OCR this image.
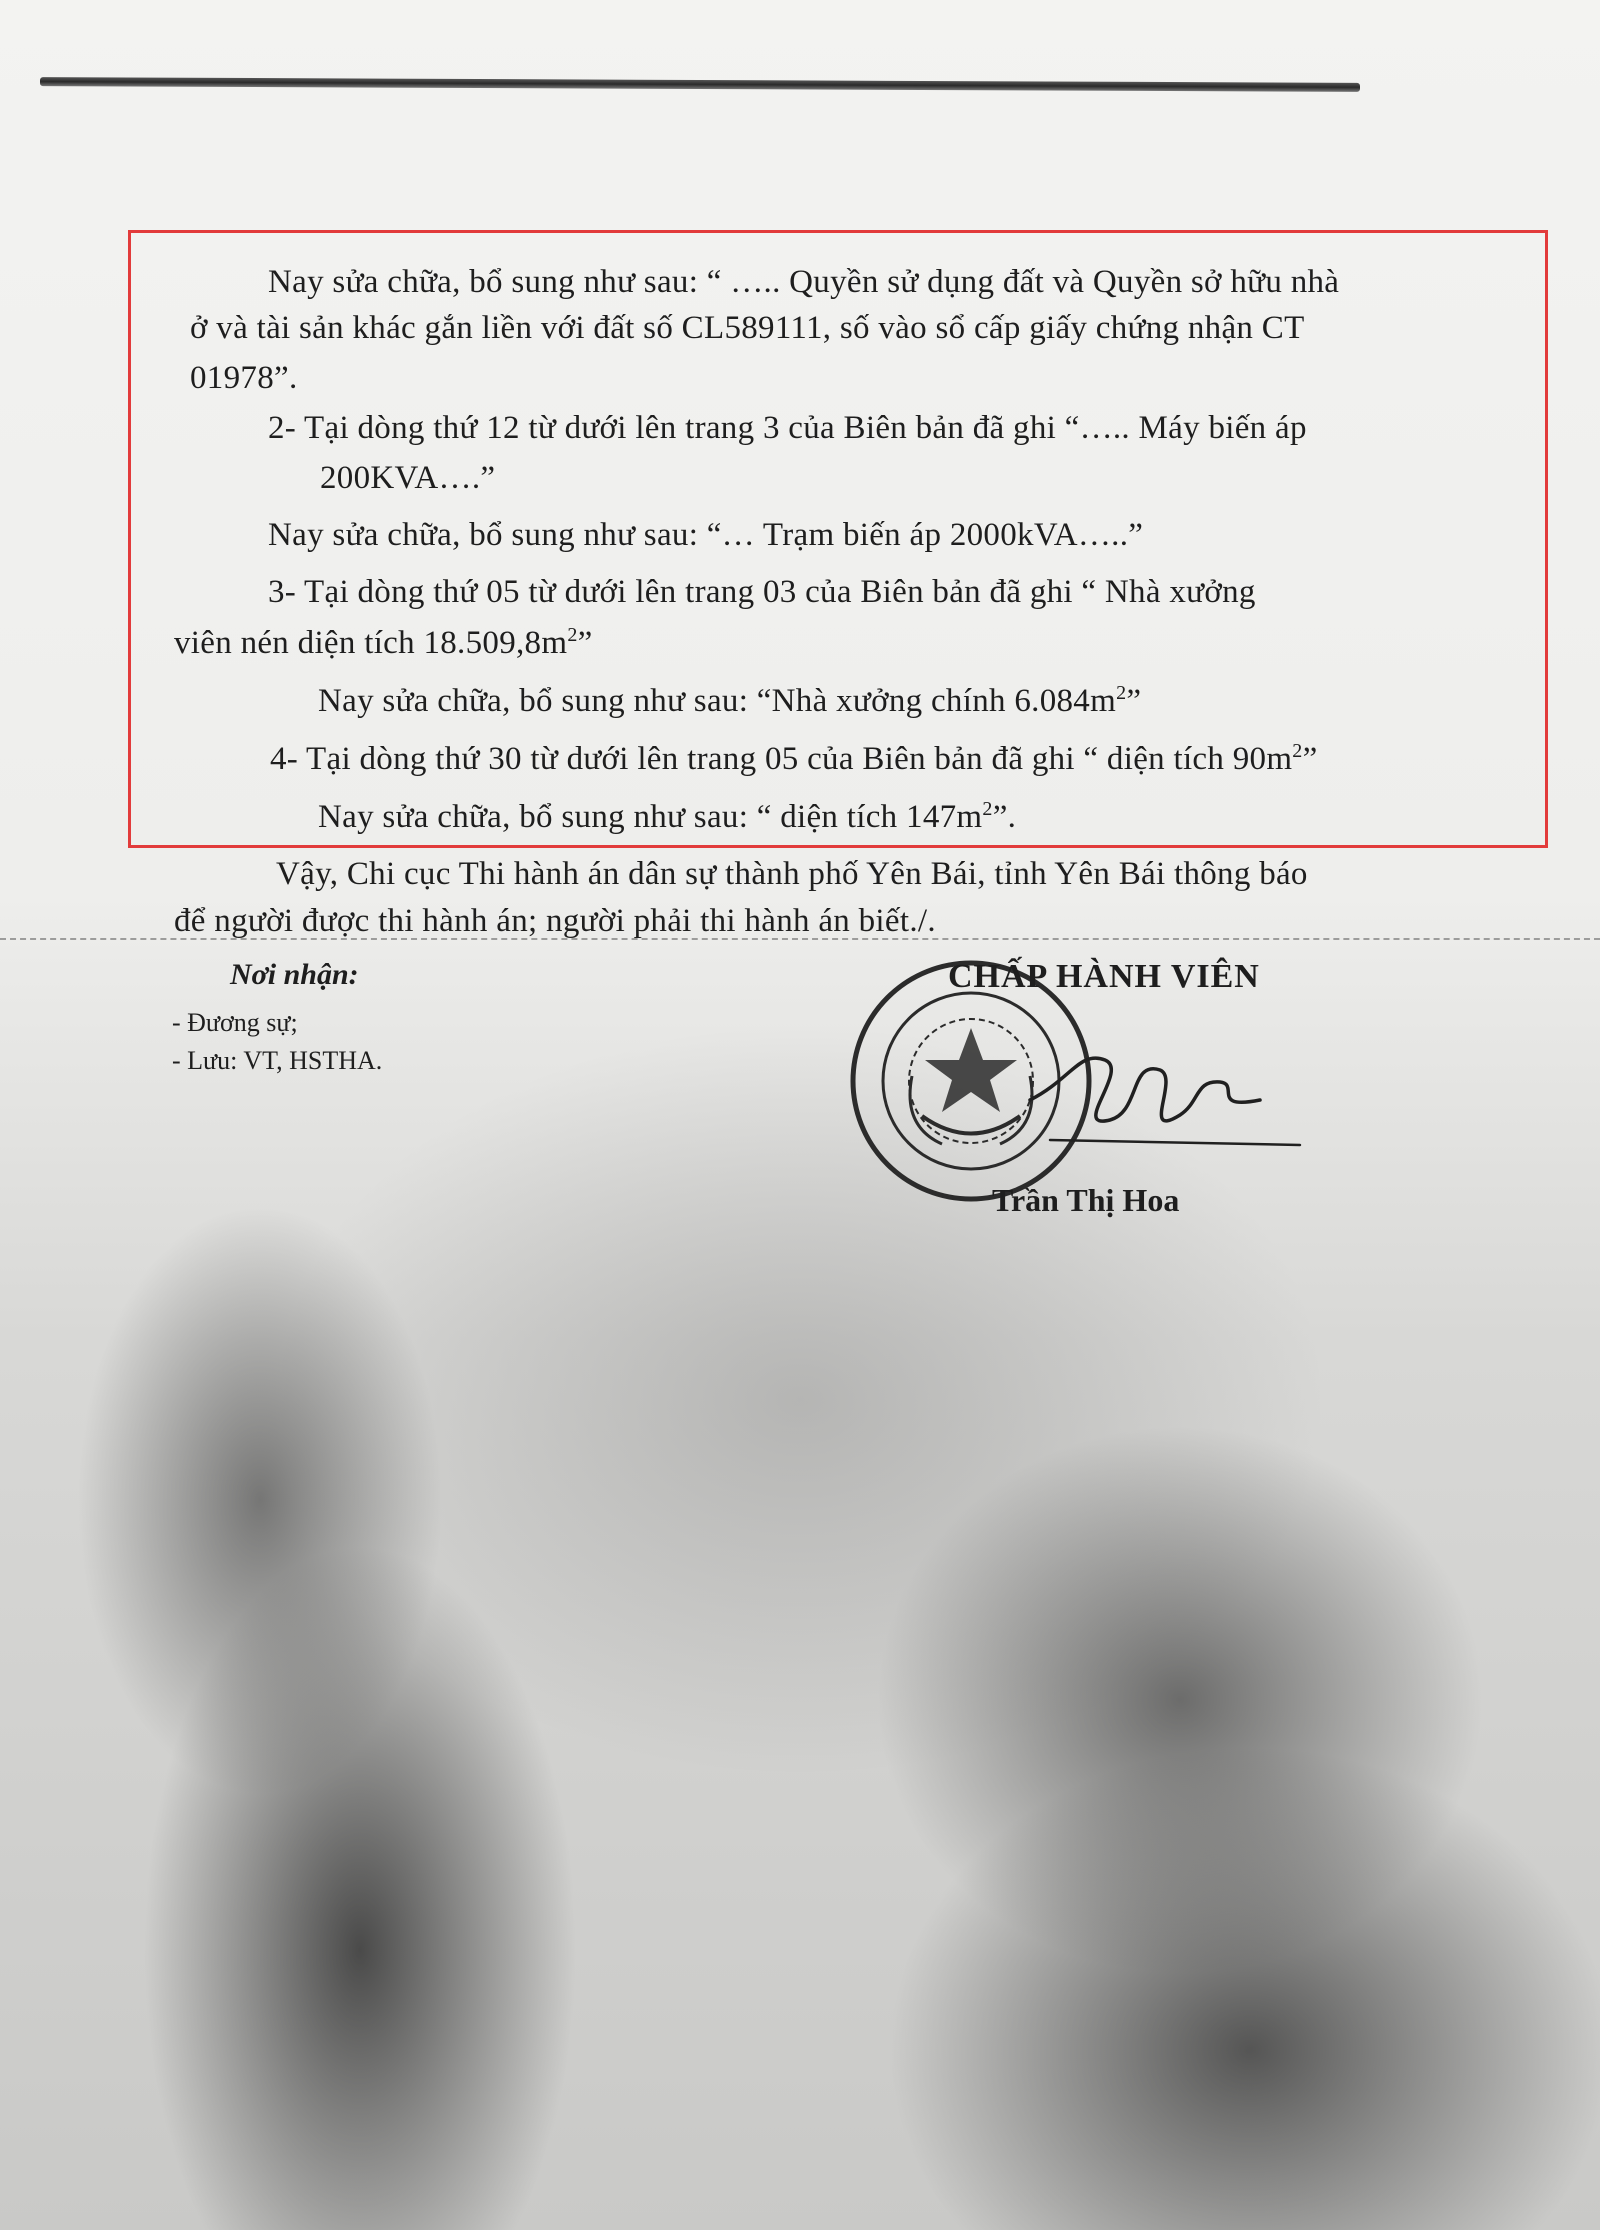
Nay sửa chữa, bổ sung như sau: “ ….. Quyền sử dụng đất và Quyền sở hữu nhà
ở và tài sản khác gắn liền với đất số CL589111, số vào sổ cấp giấy chứng nhận CT
01978”.
2- Tại dòng thứ 12 từ dưới lên trang 3 của Biên bản đã ghi “….. Máy biến áp
200KVA….”
Nay sửa chữa, bổ sung như sau: “… Trạm biến áp 2000kVA…..”
3- Tại dòng thứ 05 từ dưới lên trang 03 của Biên bản đã ghi “ Nhà xưởng
viên nén diện tích $18.509,8m^2$”
Nay sửa chữa, bổ sung như sau: “Nhà xưởng chính $6.084m^2$”
4- Tại dòng thứ 30 từ dưới lên trang 05 của Biên bản đã ghi “ diện tích $90m^2$”
Nay sửa chữa, bổ sung như sau: “ diện tích $147m^2$”.
Vậy, Chi cục Thi hành án dân sự thành phố Yên Bái, tỉnh Yên Bái thông báo
để người được thi hành án; người phải thi hành án biết./.
Nơi nhận:
- Đương sự;
- Lưu: VT, HSTHA.
CHẤP HÀNH VIÊN
Trần Thị Hoa
